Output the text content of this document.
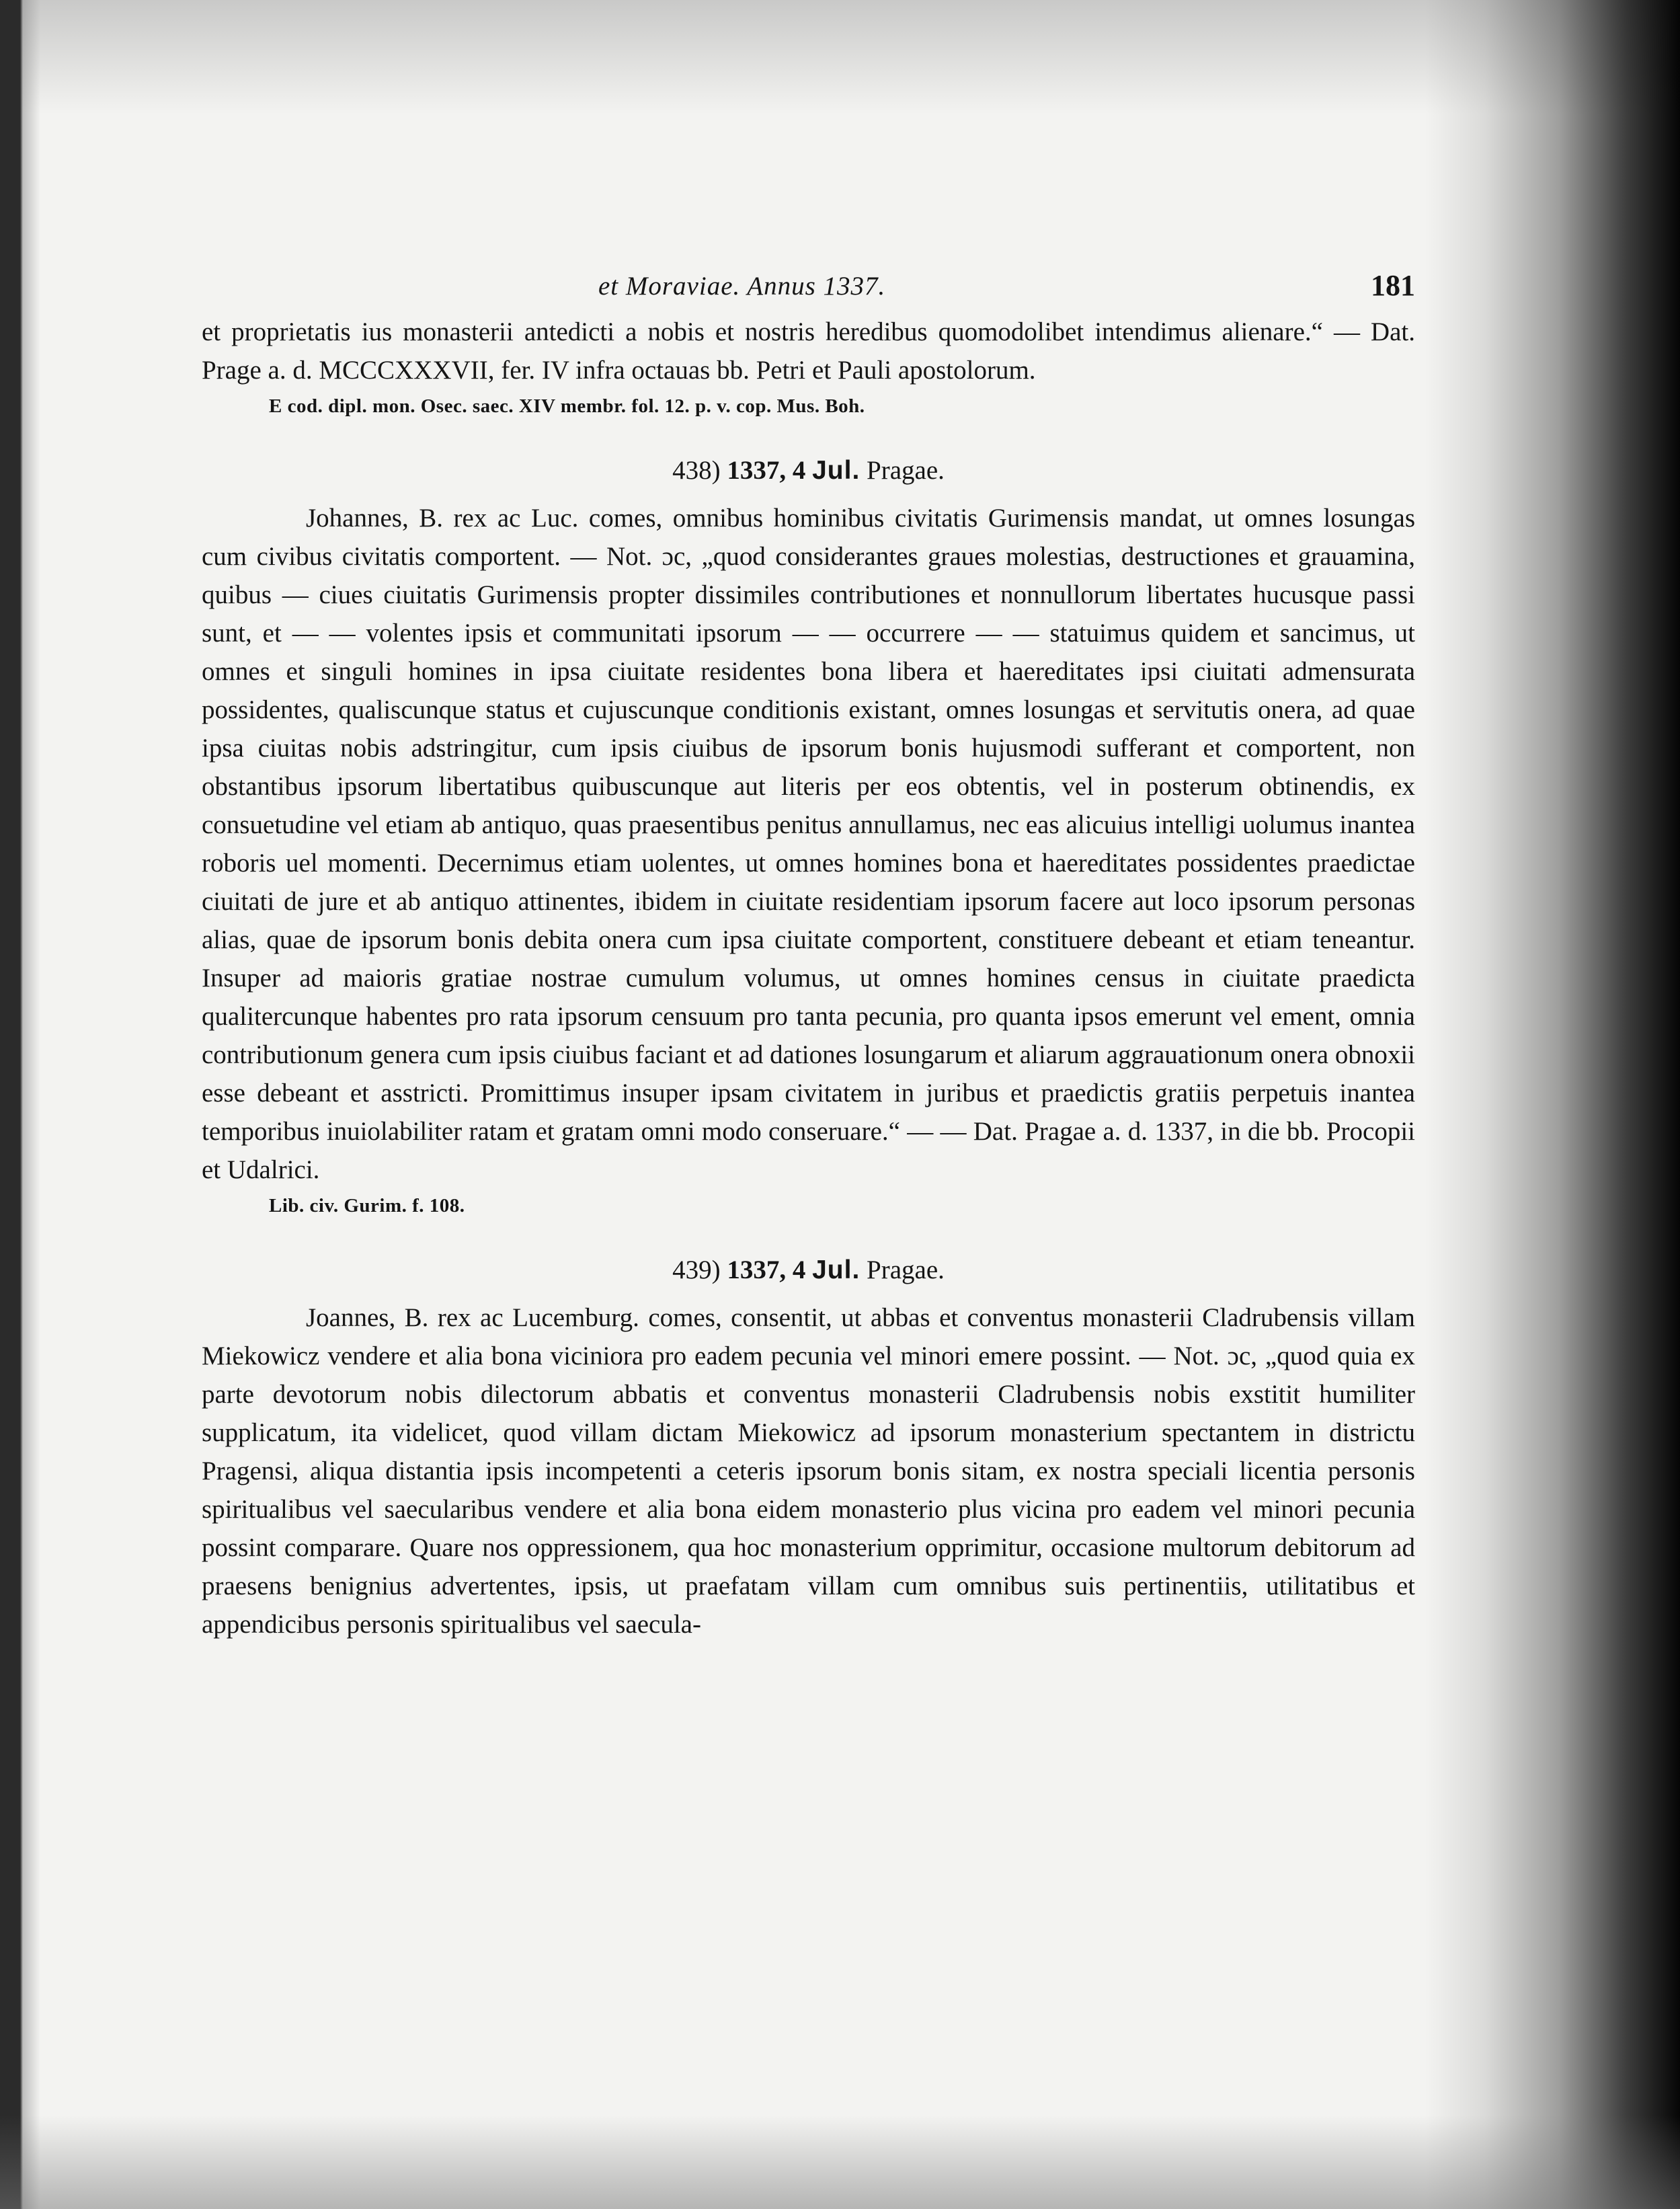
et Moraviae. Annus 1337.	181

et proprietatis ius monasterii antedicti a nobis et nostris heredibus quomodolibet intendimus alienare.“ — Dat. Prage a. d. MCCCXXXVII, fer. IV infra octauas bb. Petri et Pauli apostolorum.

E cod. dipl. mon. Osec. saec. XIV membr. fol. 12. p. v. cop. Mus. Boh.
438) 1337, 4 Jul. Pragae.

Johannes, B. rex ac Luc. comes, omnibus hominibus civitatis Gurimensis mandat, ut omnes losungas cum civibus civitatis comportent. — Not. ɔc, „quod considerantes graues molestias, destructiones et grauamina, quibus — ciues ciuitatis Gurimensis propter dissimiles contributiones et nonnullorum libertates hucusque passi sunt, et — — volentes ipsis et communitati ipsorum — — occurrere — — statuimus quidem et sancimus, ut omnes et singuli homines in ipsa ciuitate residentes bona libera et haereditates ipsi ciuitati admensurata possidentes, qualiscunque status et cujuscunque conditionis existant, omnes losungas et servitutis onera, ad quae ipsa ciuitas nobis adstringitur, cum ipsis ciuibus de ipsorum bonis hujusmodi sufferant et comportent, non obstantibus ipsorum libertatibus quibuscunque aut literis per eos obtentis, vel in posterum obtinendis, ex consuetudine vel etiam ab antiquo, quas praesentibus penitus annullamus, nec eas alicuius intelligi uolumus inantea roboris uel momenti. Decernimus etiam uolentes, ut omnes homines bona et haereditates possidentes praedictae ciuitati de jure et ab antiquo attinentes, ibidem in ciuitate residentiam ipsorum facere aut loco ipsorum personas alias, quae de ipsorum bonis debita onera cum ipsa ciuitate comportent, constituere debeant et etiam teneantur. Insuper ad maioris gratiae nostrae cumulum volumus, ut omnes homines census in ciuitate praedicta qualitercunque habentes pro rata ipsorum censuum pro tanta pecunia, pro quanta ipsos emerunt vel ement, omnia contributionum genera cum ipsis ciuibus faciant et ad dationes losungarum et aliarum aggrauationum onera obnoxii esse debeant et asstricti. Promittimus insuper ipsam civitatem in juribus et praedictis gratiis perpetuis inantea temporibus inuiolabiliter ratam et gratam omni modo conseruare.“ — — Dat. Pragae a. d. 1337, in die bb. Procopii et Udalrici.

Lib. civ. Gurim. f. 108.
439) 1337, 4 Jul. Pragae.

Joannes, B. rex ac Lucemburg. comes, consentit, ut abbas et conventus monasterii Cladrubensis villam Miekowicz vendere et alia bona viciniora pro eadem pecunia vel minori emere possint. — Not. ɔc, „quod quia ex parte devotorum nobis dilectorum abbatis et conventus monasterii Cladrubensis nobis exstitit humiliter supplicatum, ita videlicet, quod villam dictam Miekowicz ad ipsorum monasterium spectantem in districtu Pragensi, aliqua distantia ipsis incompetenti a ceteris ipsorum bonis sitam, ex nostra speciali licentia personis spiritualibus vel saecularibus vendere et alia bona eidem monasterio plus vicina pro eadem vel minori pecunia possint comparare. Quare nos oppressionem, qua hoc monasterium opprimitur, occasione multorum debitorum ad praesens benignius advertentes, ipsis, ut praefatam villam cum omnibus suis pertinentiis, utilitatibus et appendicibus personis spiritualibus vel saecula-
